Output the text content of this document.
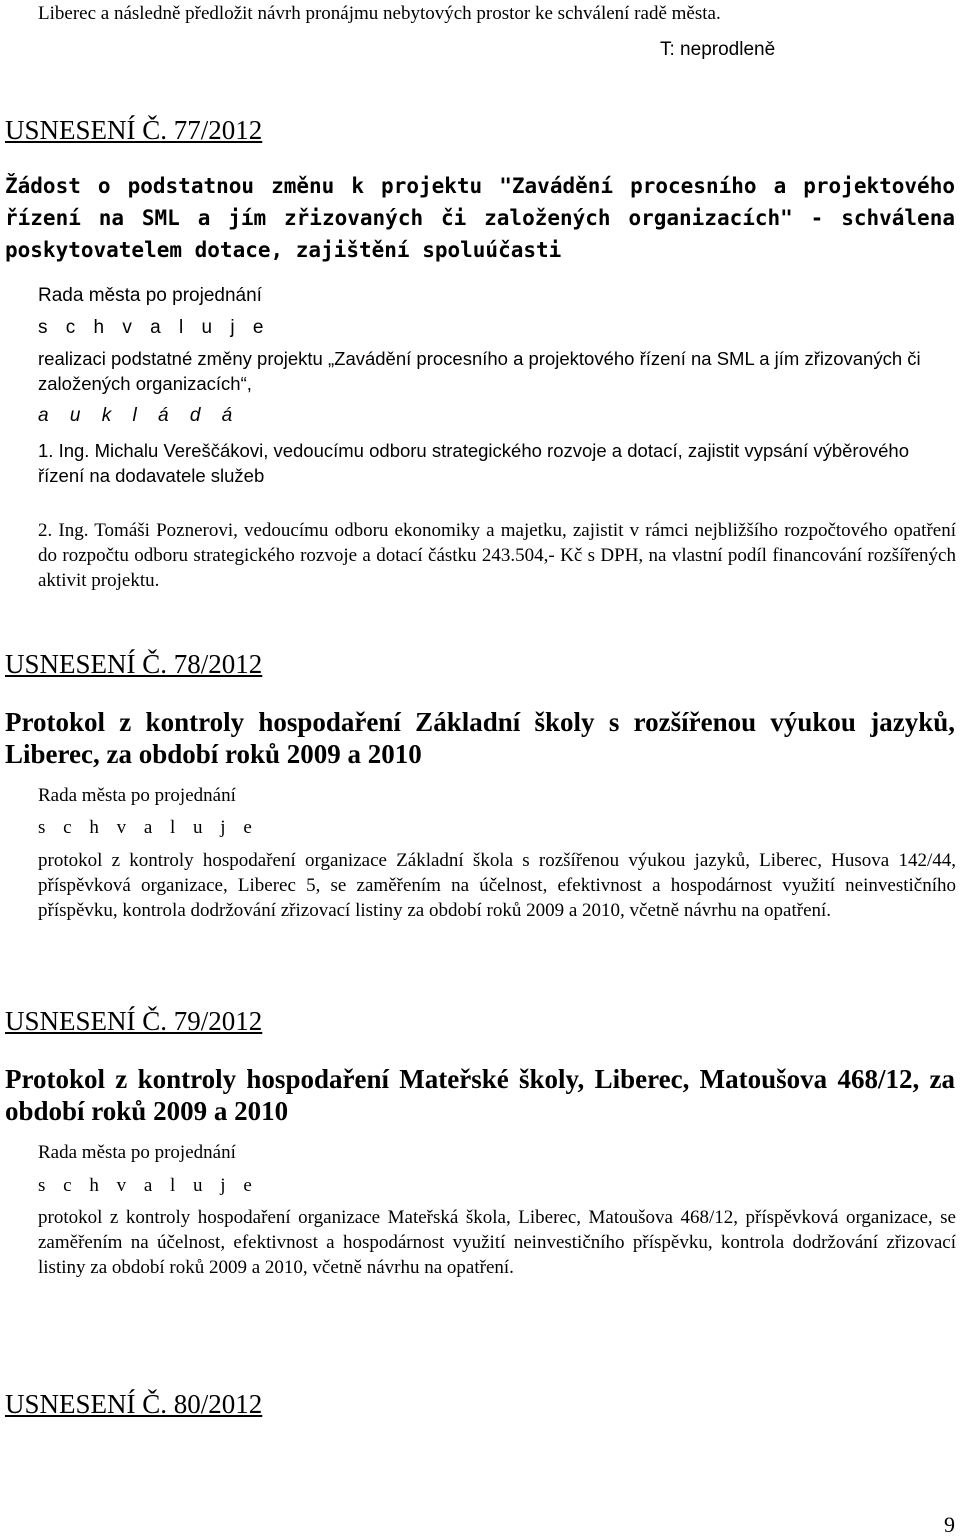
Liberec a následně předložit návrh pronájmu nebytových prostor ke schválení radě města.

T: neprodleně

USNESENÍ Č. 77/2012

Žádost o podstatnou změnu k projektu "Zavádění procesního a projektového řízení na SML a jím zřizovaných či založených organizacích" - schválena poskytovatelem dotace, zajištění spoluúčasti

Rada města po projednání

s c h v a l u j e

realizaci podstatné změny projektu „Zavádění procesního a projektového řízení na SML a jím zřizovaných či založených organizacích“,

a u k l á d á

1. Ing. Michalu Vereščákovi, vedoucímu odboru strategického rozvoje a dotací, zajistit vypsání výběrového řízení na dodavatele služeb

2. Ing. Tomáši Poznerovi, vedoucímu odboru ekonomiky a majetku, zajistit v rámci nejbližšího rozpočtového opatření do rozpočtu odboru strategického rozvoje a dotací částku 243.504,- Kč s DPH, na vlastní podíl financování rozšířených aktivit projektu.

USNESENÍ Č. 78/2012

Protokol z kontroly hospodaření Základní školy s rozšířenou výukou jazyků, Liberec, za období roků 2009 a 2010

Rada města po projednání

s c h v a l u j e

protokol z kontroly hospodaření organizace Základní škola s rozšířenou výukou jazyků, Liberec, Husova 142/44, příspěvková organizace, Liberec 5, se zaměřením na účelnost, efektivnost a hospodárnost využití neinvestičního příspěvku, kontrola dodržování zřizovací listiny za období roků 2009 a 2010, včetně návrhu na opatření.

USNESENÍ Č. 79/2012

Protokol z kontroly hospodaření Mateřské školy, Liberec, Matoušova 468/12, za období roků 2009 a 2010

Rada města po projednání

s c h v a l u j e

protokol z kontroly hospodaření organizace Mateřská škola, Liberec, Matoušova 468/12, příspěvková organizace, se zaměřením na účelnost, efektivnost a hospodárnost využití neinvestičního příspěvku, kontrola dodržování zřizovací listiny za období roků 2009 a 2010, včetně návrhu na opatření.

USNESENÍ Č. 80/2012

9
